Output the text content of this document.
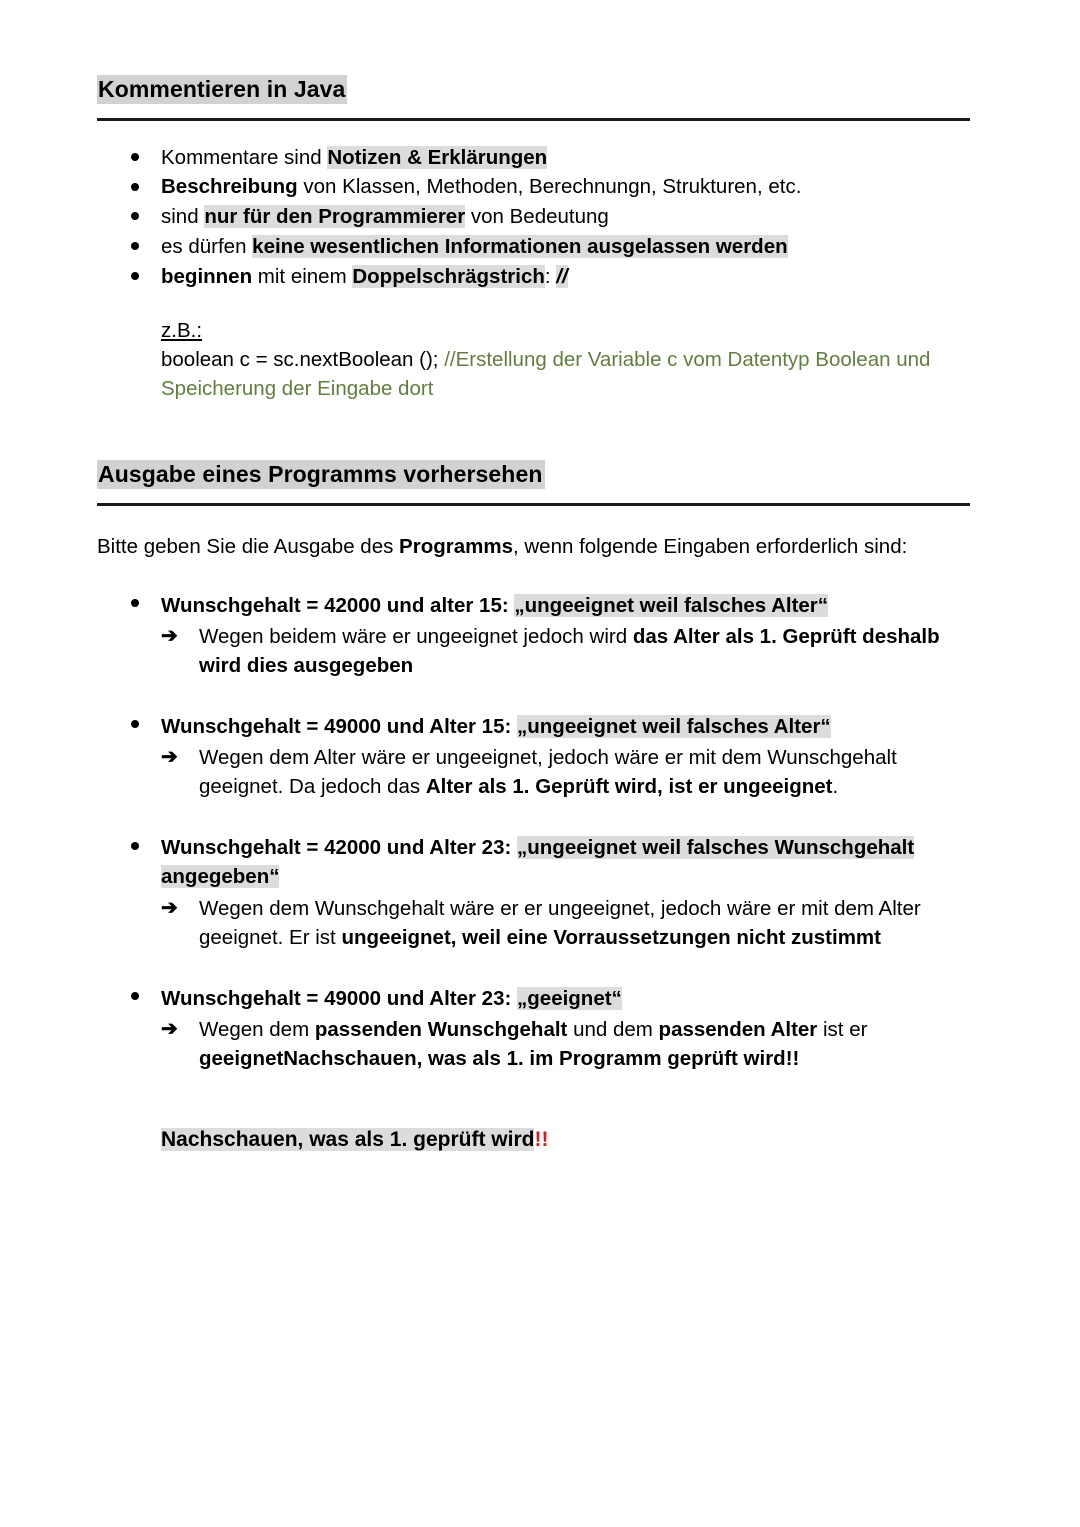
Kommentieren in Java
Kommentare sind Notizen & Erklärungen
Beschreibung von Klassen, Methoden, Berechnungn, Strukturen, etc.
sind nur für den Programmierer von Bedeutung
es dürfen keine wesentlichen Informationen ausgelassen werden
beginnen mit einem Doppelschrägstrich: //
z.B.:
boolean c = sc.nextBoolean (); //Erstellung der Variable c vom Datentyp Boolean und Speicherung der Eingabe dort
Ausgabe eines Programms vorhersehen

Bitte geben Sie die Ausgabe des Programms, wenn folgende Eingaben erforderlich sind:

Wunschgehalt = 42000 und alter 15: „ungeeignet weil falsches Alter“
➔ Wegen beidem wäre er ungeeignet jedoch wird das Alter als 1. Geprüft deshalb wird dies ausgegeben
Wunschgehalt = 49000 und Alter 15: „ungeeignet weil falsches Alter“
➔ Wegen dem Alter wäre er ungeeignet, jedoch wäre er mit dem Wunschgehalt geeignet. Da jedoch das Alter als 1. Geprüft wird, ist er ungeeignet.
Wunschgehalt = 42000 und Alter 23: „ungeeignet weil falsches Wunschgehalt angegeben“
➔ Wegen dem Wunschgehalt wäre er er ungeeignet, jedoch wäre er mit dem Alter geeignet. Er ist ungeeignet, weil eine Vorraussetzungen nicht zustimmt
Wunschgehalt = 49000 und Alter 23: „geeignet“
➔ Wegen dem passenden Wunschgehalt und dem passenden Alter ist er geeignetNachschauen, was als 1. im Programm geprüft wird!!
Nachschauen, was als 1. geprüft wird!!
